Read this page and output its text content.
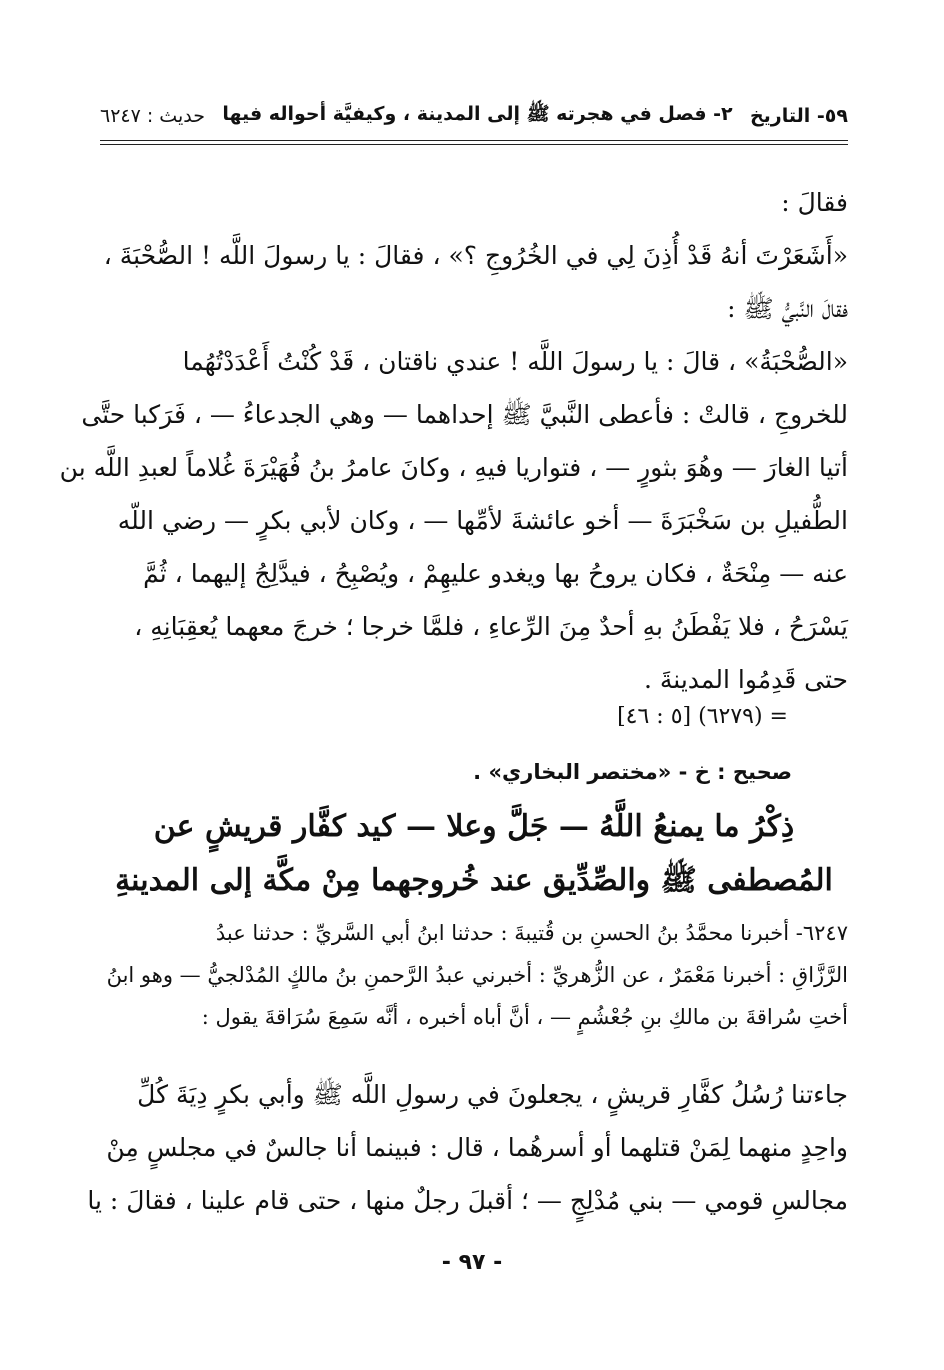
٥٩- التاريخ
٢- فصل في هجرته ﷺ إلى المدينة ، وكيفيَّة أحواله فيها
حديث : ٦٢٤٧
فقالَ :
«أَشَعَرْتَ أنهُ قَدْ أُذِنَ لِي في الخُرُوجِ ؟» ، فقالَ : يا رسولَ اللَّه ! الصُّحْبَةَ ،
فقالَ النَّبيُّ ﷺ :
«الصُّحْبَةُ» ، قالَ : يا رسولَ اللَّه ! عندي ناقتان ، قَدْ كُنْتُ أَعْدَدْتُهُما
للخروجِ ، قالتْ : فأعطى النَّبيَّ ﷺ إحداهما — وهي الجدعاءُ — ، فَرَكبا حتَّى
أتيا الغارَ — وهُوَ بثورٍ — ، فتواريا فيهِ ، وكانَ عامرُ بنُ فُهَيْرَةَ غُلاماً لعبدِ اللَّه بن
الطُّفيلِ بن سَخْبَرَةَ — أخو عائشةَ لأمِّها — ، وكان لأبي بكرٍ — رضي اللّه
عنه — مِنْحَةٌ ، فكان يروحُ بها ويغدو عليهِمْ ، ويُصْبِحُ ، فيدَّلِجُ إليهما ، ثُمَّ
يَسْرَحُ ، فلا يَفْطَنُ بهِ أحدٌ مِنَ الرِّعاءِ ، فلمَّا خرجا ؛ خرجَ معهما يُعقِبَانِهِ ،
حتى قَدِمُوا المدينةَ .
= (٦٢٧٩) [٥ : ٤٦]
صحيح : خ - «مختصر البخاري» .
ذِكْرُ ما يمنعُ اللَّهُ — جَلَّ وعلا — كيد كفَّار قريشٍ عن
المُصطفى ﷺ والصِّدِّيق عند خُروجهما مِنْ مكَّة إلى المدينةِ
٦٢٤٧- أخبرنا محمَّدُ بنُ الحسنِ بن قُتيبةَ : حدثنا ابنُ أبي السَّريِّ : حدثنا عبدُ
الرَّزَّاقِ : أخبرنا مَعْمَرٌ ، عن الزُّهريِّ : أخبرني عبدُ الرَّحمنِ بنُ مالكٍ المُدْلجيُّ — وهو ابنُ
أختِ سُراقةَ بن مالكِ بنِ جُعْشُمٍ — ، أنَّ أباه أخبره ، أنَّه سَمِعَ سُرَاقةَ يقول :
جاءتنا رُسُلُ كفَّارِ قريشٍ ، يجعلونَ في رسولِ اللَّه ﷺ وأبي بكرٍ دِيَةَ كُلِّ
واحِدٍ منهما لِمَنْ قتلهما أو أسرهُما ، قال : فبينما أنا جالسٌ في مجلسٍ مِنْ
مجالسِ قومي — بني مُدْلِجٍ — ؛ أقبلَ رجلٌ منها ، حتى قام علينا ، فقالَ : يا
- ٩٧ -
